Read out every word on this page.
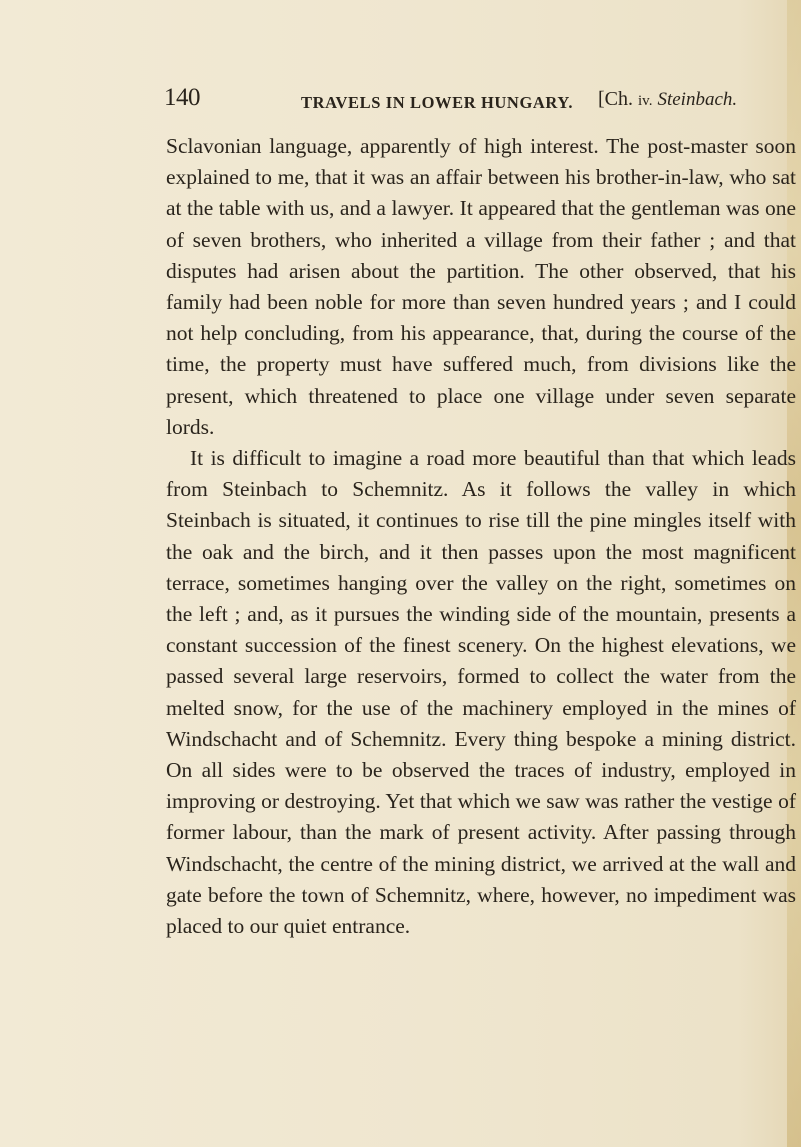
140	TRAVELS IN LOWER HUNGARY. [Ch. iv. Steinbach.

Sclavonian language, apparently of high interest. The post-master soon explained to me, that it was an affair between his brother-in-law, who sat at the table with us, and a lawyer. It appeared that the gentleman was one of seven brothers, who inherited a village from their father ; and that disputes had arisen about the partition. The other observed, that his family had been noble for more than seven hundred years ; and I could not help concluding, from his appearance, that, during the course of the time, the property must have suffered much, from divisions like the present, which threatened to place one village under seven separate lords.

It is difficult to imagine a road more beautiful than that which leads from Steinbach to Schemnitz. As it follows the valley in which Steinbach is situated, it continues to rise till the pine mingles itself with the oak and the birch, and it then passes upon the most magnificent terrace, sometimes hanging over the valley on the right, sometimes on the left ; and, as it pursues the winding side of the mountain, presents a constant succession of the finest scenery. On the highest elevations, we passed several large reservoirs, formed to collect the water from the melted snow, for the use of the machinery employed in the mines of Windschacht and of Schemnitz. Every thing bespoke a mining district. On all sides were to be observed the traces of industry, employed in improving or destroying. Yet that which we saw was rather the vestige of former labour, than the mark of present activity. After passing through Windschacht, the centre of the mining district, we arrived at the wall and gate before the town of Schemnitz, where, however, no impediment was placed to our quiet entrance.
